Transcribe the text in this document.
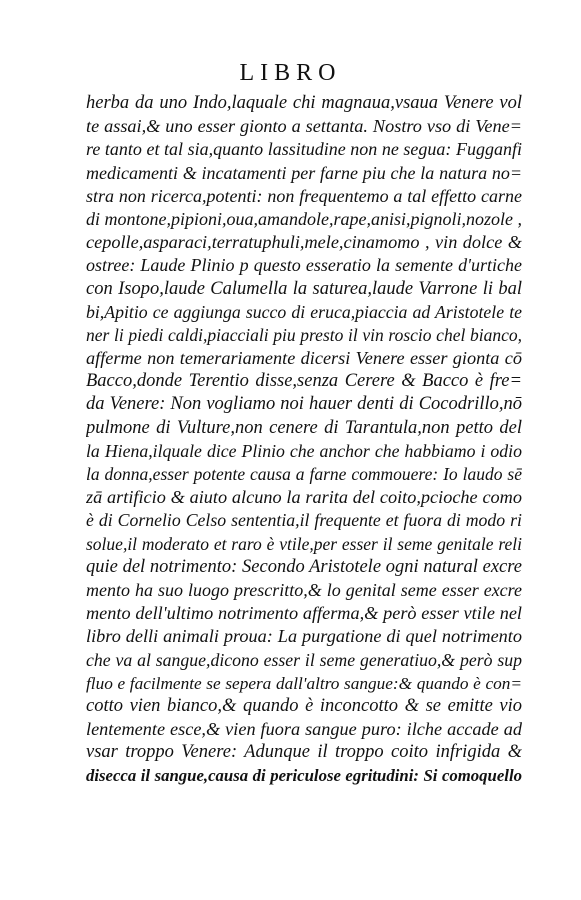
LIBRO
herba da uno Indo,laquale chi magnaua,vsaua Venere vol
te assai,& uno esser gionto a settanta. Nostro vso di Vene=
re tanto et tal sia,quanto lassitudine non ne segua: Fugganfi
medicamenti & incatamenti per farne piu che la natura no=
stra non ricerca,potenti: non frequentemo a tal effetto carne
di montone,pipioni,oua,amandole,rape,anisi,pignoli,nozole ,
cepolle,asparaci,terratuphuli,mele,cinamomo , vin dolce &
ostree: Laude Plinio p questo esseratio la semente d'urtiche
con Isopo,laude Calumella la saturea,laude Varrone li bal
bi,Apitio ce aggiunga succo di eruca,piaccia ad Aristotele te
ner li piedi caldi,piacciali piu presto il vin roscio chel bianco,
afferme non temerariamente dicersi Venere esser gionta cō
Bacco,donde Terentio disse,senza Cerere & Bacco è fre=
da Venere: Non vogliamo noi hauer denti di Cocodrillo,nō
pulmone di Vulture,non cenere di Tarantula,non petto del
la Hiena,ilquale dice Plinio che anchor che habbiamo i odio
la donna,esser potente causa a farne commouere: Io laudo sē
zā artificio & aiuto alcuno la rarita del coito,pcioche como
è di Cornelio Celso sententia,il frequente et fuora di modo ri
solue,il moderato et raro è vtile,per esser il seme genitale reli
quie del notrimento: Secondo Aristotele ogni natural excre
mento ha suo luogo prescritto,& lo genital seme esser excre
mento dell'ultimo notrimento afferma,& però esser vtile nel
libro delli animali proua: La purgatione di quel notrimento
che va al sangue,dicono esser il seme generatiuo,& però sup
fluo e facilmente se sepera dall'altro sangue:& quando è con=
cotto vien bianco,& quando è inconcotto & se emitte vio
lentemente esce,& vien fuora sangue puro: ilche accade ad
vsar troppo Venere: Adunque il troppo coito infrigida &
disecca il sangue,causa di periculose egritudini: Si comoquello
